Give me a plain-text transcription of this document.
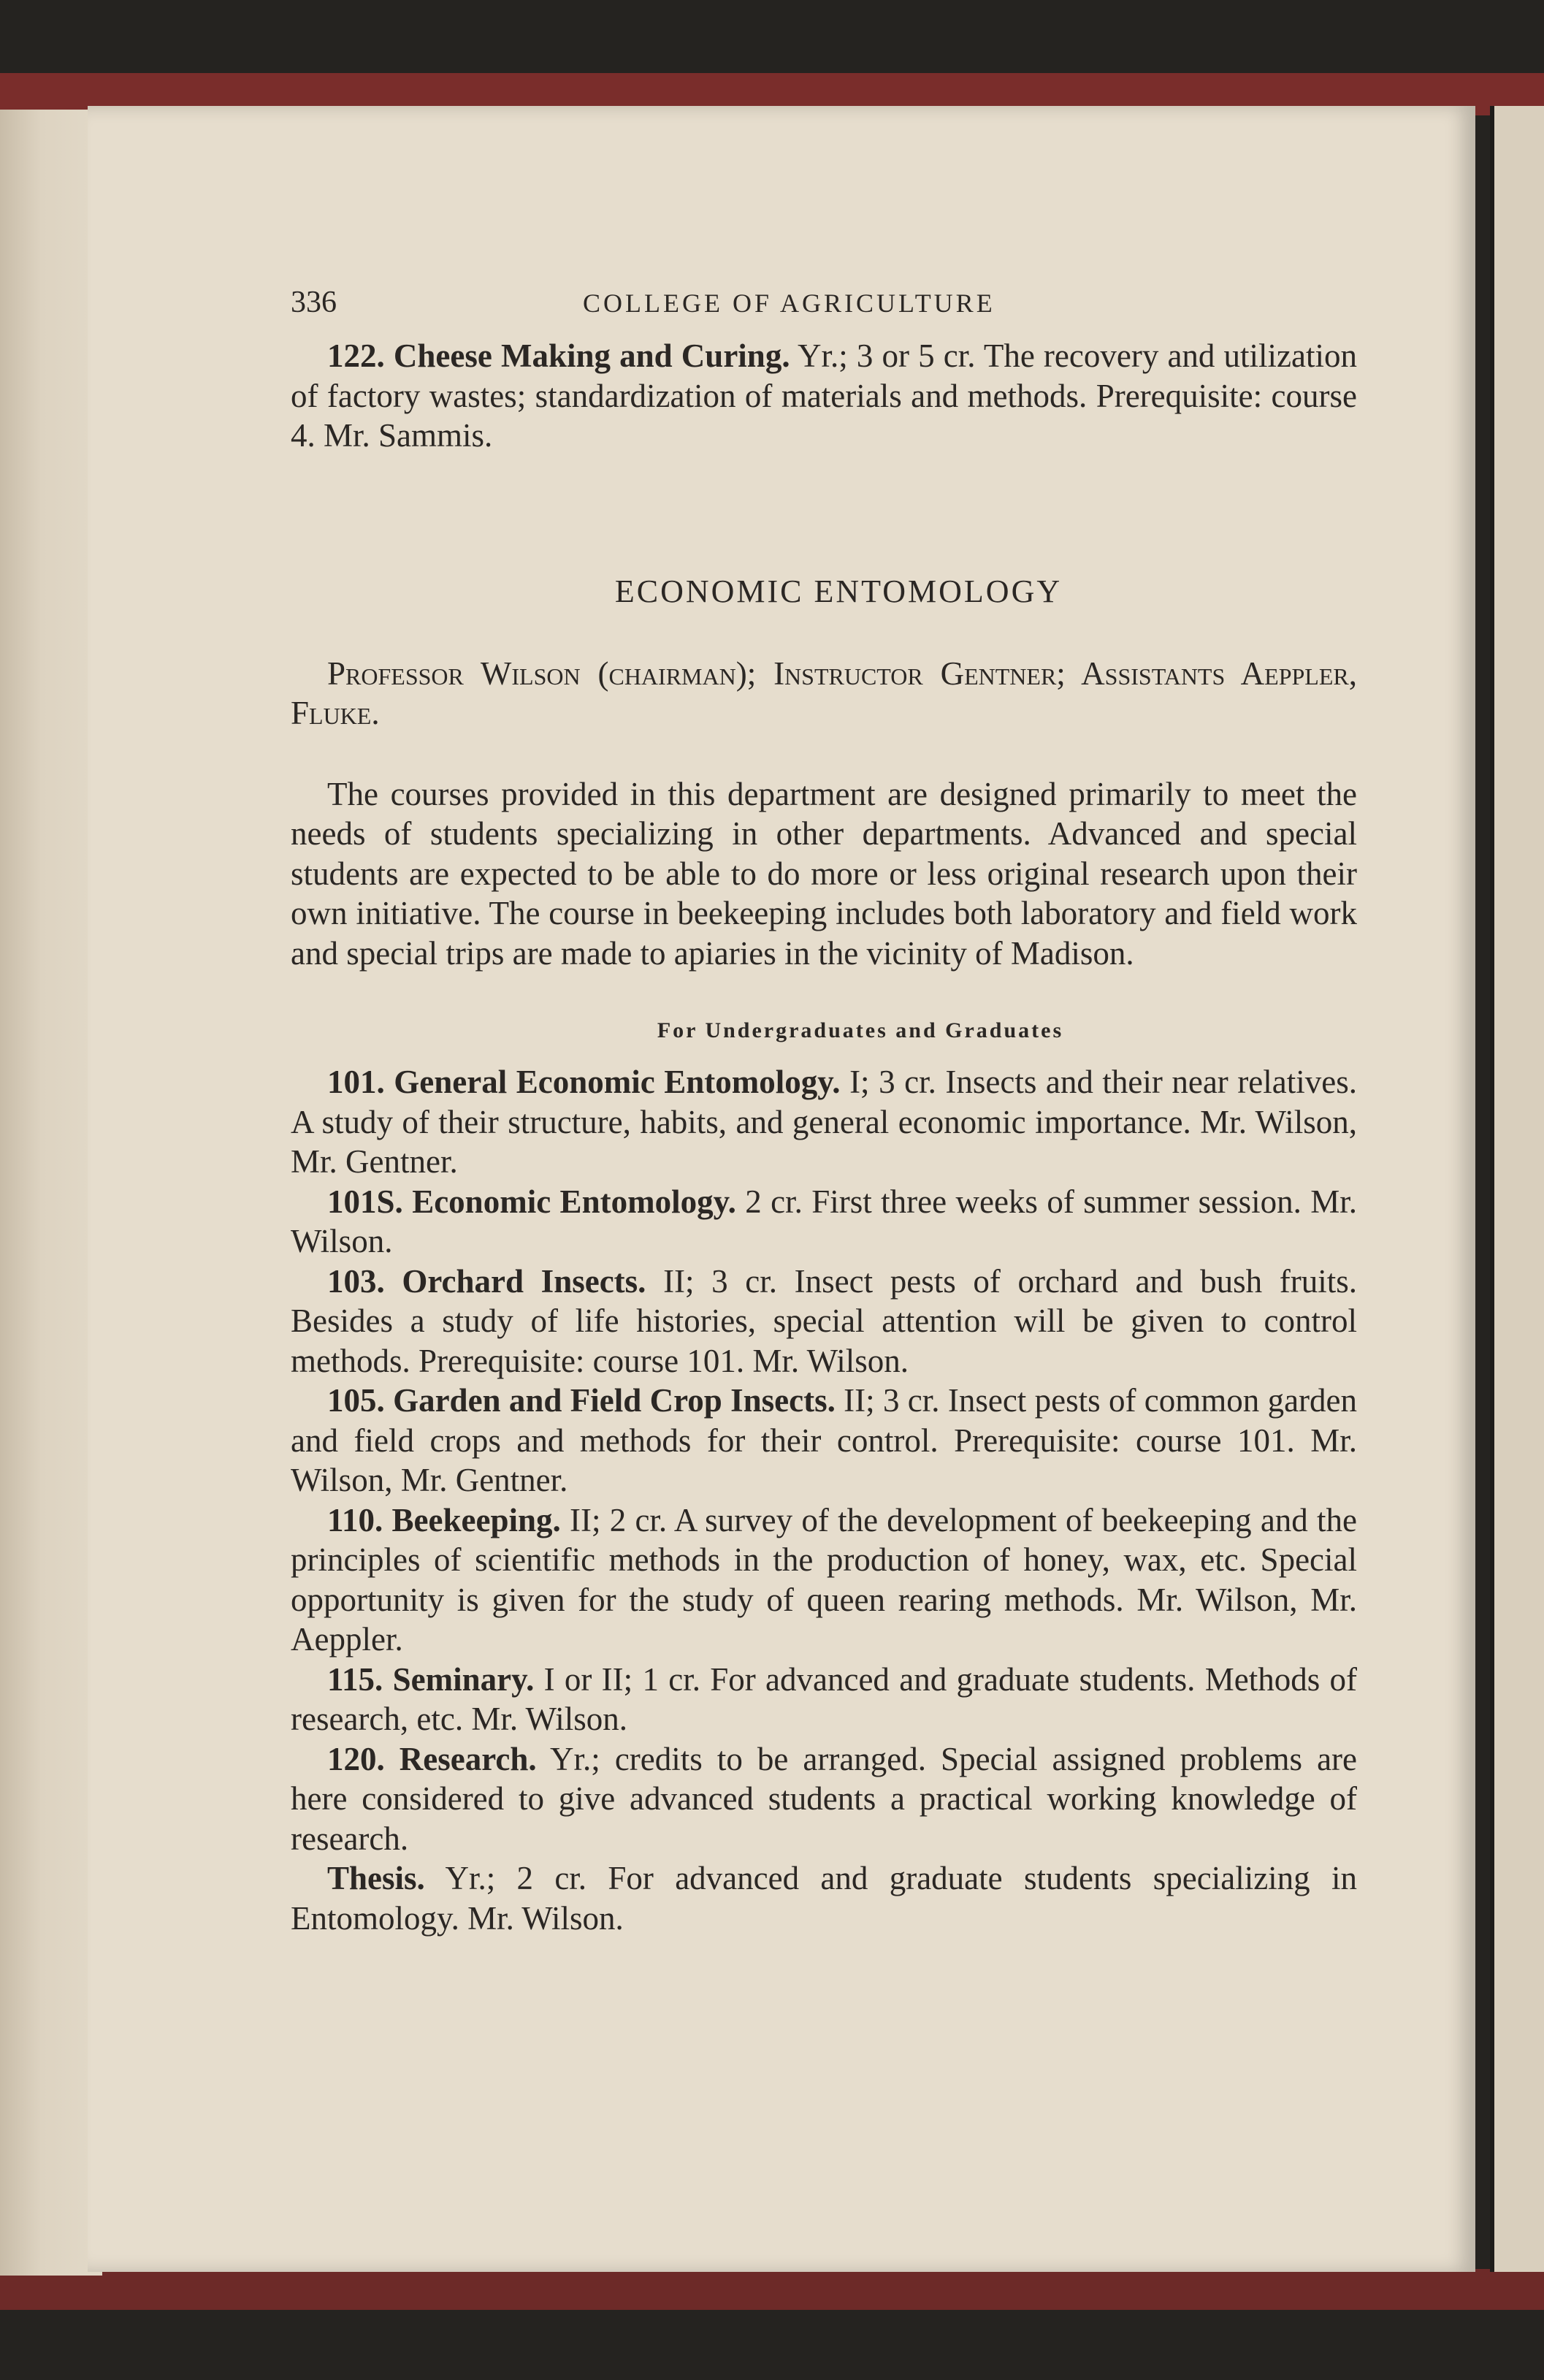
336	COLLEGE OF AGRICULTURE

122. Cheese Making and Curing. Yr.; 3 or 5 cr. The recovery and utilization of factory wastes; standardization of materials and methods. Prerequisite: course 4. Mr. Sammis.

ECONOMIC ENTOMOLOGY

Professor Wilson (chairman); Instructor Gentner; Assistants Aeppler, Fluke.

The courses provided in this department are designed primarily to meet the needs of students specializing in other departments. Advanced and special students are expected to be able to do more or less original research upon their own initiative. The course in beekeeping includes both laboratory and field work and special trips are made to apiaries in the vicinity of Madison.

For Undergraduates and Graduates

101. General Economic Entomology. I; 3 cr. Insects and their near relatives. A study of their structure, habits, and general economic importance. Mr. Wilson, Mr. Gentner.

101S. Economic Entomology. 2 cr. First three weeks of summer session. Mr. Wilson.

103. Orchard Insects. II; 3 cr. Insect pests of orchard and bush fruits. Besides a study of life histories, special attention will be given to control methods. Prerequisite: course 101. Mr. Wilson.

105. Garden and Field Crop Insects. II; 3 cr. Insect pests of common garden and field crops and methods for their control. Prerequisite: course 101. Mr. Wilson, Mr. Gentner.

110. Beekeeping. II; 2 cr. A survey of the development of beekeeping and the principles of scientific methods in the production of honey, wax, etc. Special opportunity is given for the study of queen rearing methods. Mr. Wilson, Mr. Aeppler.

115. Seminary. I or II; 1 cr. For advanced and graduate students. Methods of research, etc. Mr. Wilson.

120. Research. Yr.; credits to be arranged. Special assigned problems are here considered to give advanced students a practical working knowledge of research.

Thesis. Yr.; 2 cr. For advanced and graduate students specializing in Entomology. Mr. Wilson.
